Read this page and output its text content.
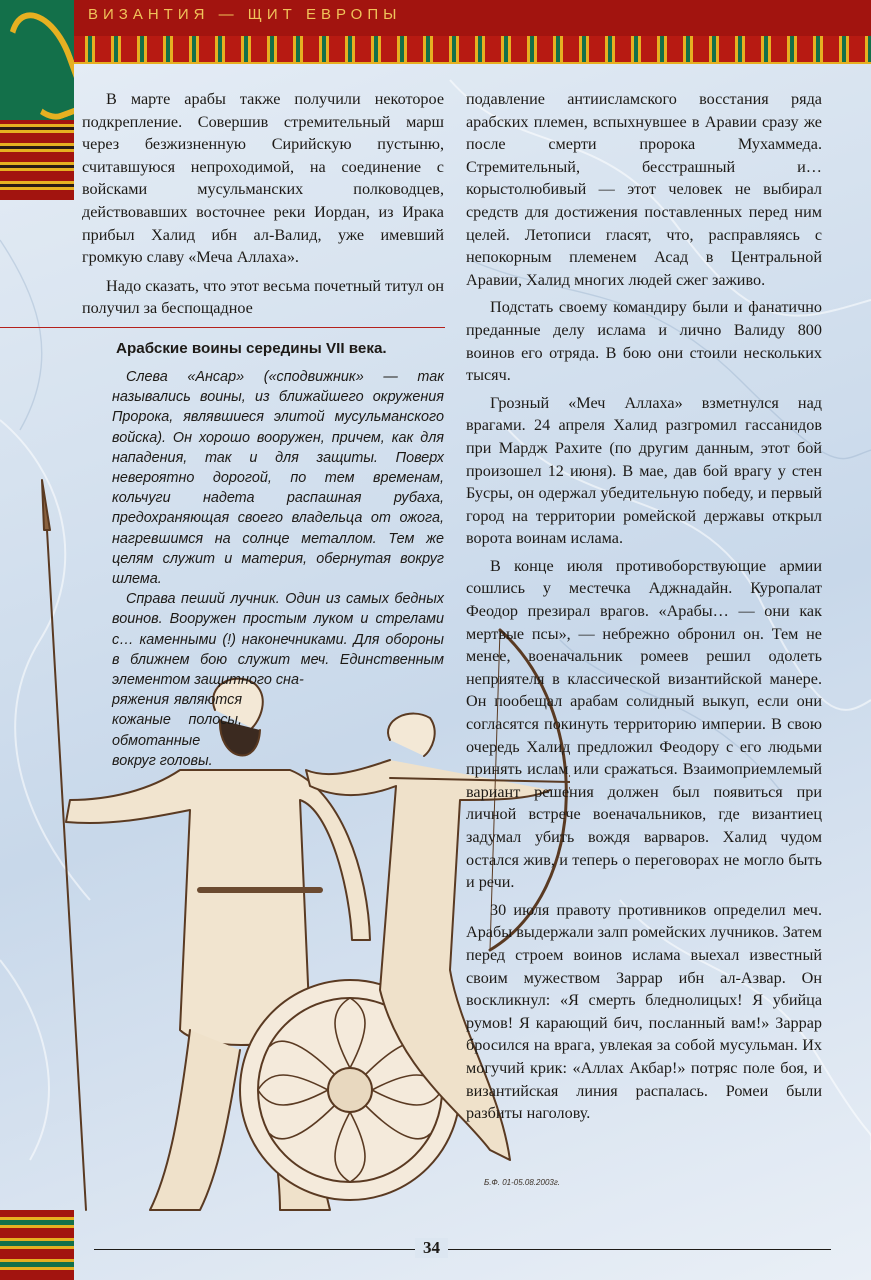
ВИЗАНТИЯ — ЩИТ ЕВРОПЫ

В марте арабы также получили некоторое подкрепление. Совершив стремительный марш через безжизненную Сирийскую пустыню, считавшуюся непроходимой, на соединение с войсками мусульманских полководцев, действовавших восточнее реки Иордан, из Ирака прибыл Халид ибн ал-Валид, уже имевший громкую славу «Меча Аллаха».

Надо сказать, что этот весьма почетный титул он получил за беспощадное

Арабские воины середины VII века.

Слева «Ансар» («сподвижник» — так назывались воины, из ближайшего окружения Пророка, являвшиеся элитой мусульманского войска). Он хорошо вооружен, причем, как для нападения, так и для защиты. Поверх невероятно дорогой, по тем временам, кольчуги надета распашная рубаха, предохраняющая своего владельца от ожога, нагревшимся на солнце металлом. Тем же целям служит и материя, обернутая вокруг шлема.

Справа пеший лучник. Один из самых бедных воинов. Вооружен простым луком и стрелами с… каменными (!) наконечниками. Для обороны в ближнем бою служит меч. Единственным элементом защитного сна-

ряжения являются кожаные полосы, обмотанные вокруг головы.

подавление антиисламского восстания ряда арабских племен, вспыхнувшее в Аравии сразу же после смерти пророка Мухаммеда. Стремительный, бесстрашный и… корыстолюбивый — этот человек не выбирал средств для достижения поставленных перед ним целей. Летописи гласят, что, расправляясь с непокорным племенем Асад в Центральной Аравии, Халид многих людей сжег заживо.

Подстать своему командиру были и фанатично преданные делу ислама и лично Валиду 800 воинов его отряда. В бою они стоили нескольких тысяч.

Грозный «Меч Аллаха» взметнулся над врагами. 24 апреля Халид разгромил гассанидов при Мардж Рахите (по другим данным, этот бой произошел 12 июня). В мае, дав бой врагу у стен Бусры, он одержал убедительную победу, и первый город на территории ромейской державы открыл ворота воинам ислама.

В конце июля противоборствующие армии сошлись у местечка Аджнадайн. Куропалат Феодор презирал врагов. «Арабы… — они как мертвые псы», — небрежно обронил он. Тем не менее, военачальник ромеев решил одолеть неприятеля в классической византийской манере. Он пообещал арабам солидный выкуп, если они согласятся покинуть территорию империи. В свою очередь Халид предложил Феодору с его людьми принять ислам или сражаться. Взаимоприемлемый вариант решения должен был появиться при личной встрече военачальников, где византиец задумал убить вождя варваров. Халид чудом остался жив, и теперь о переговорах не могло быть и речи.

30 июля правоту противников определил меч. Арабы выдержали залп ромейских лучников. Затем перед строем воинов ислама выехал известный своим мужеством Заррар ибн ал-Азвар. Он воскликнул: «Я смерть бледнолицых! Я убийца румов! Я карающий бич, посланный вам!» Заррар бросился на врага, увлекая за собой мусульман. Их могучий крик: «Аллах Акбар!» потряс поле боя, и византийская линия распалась. Ромеи были разбиты наголову.

Б.Ф. 01-05.08.2003г.
34
